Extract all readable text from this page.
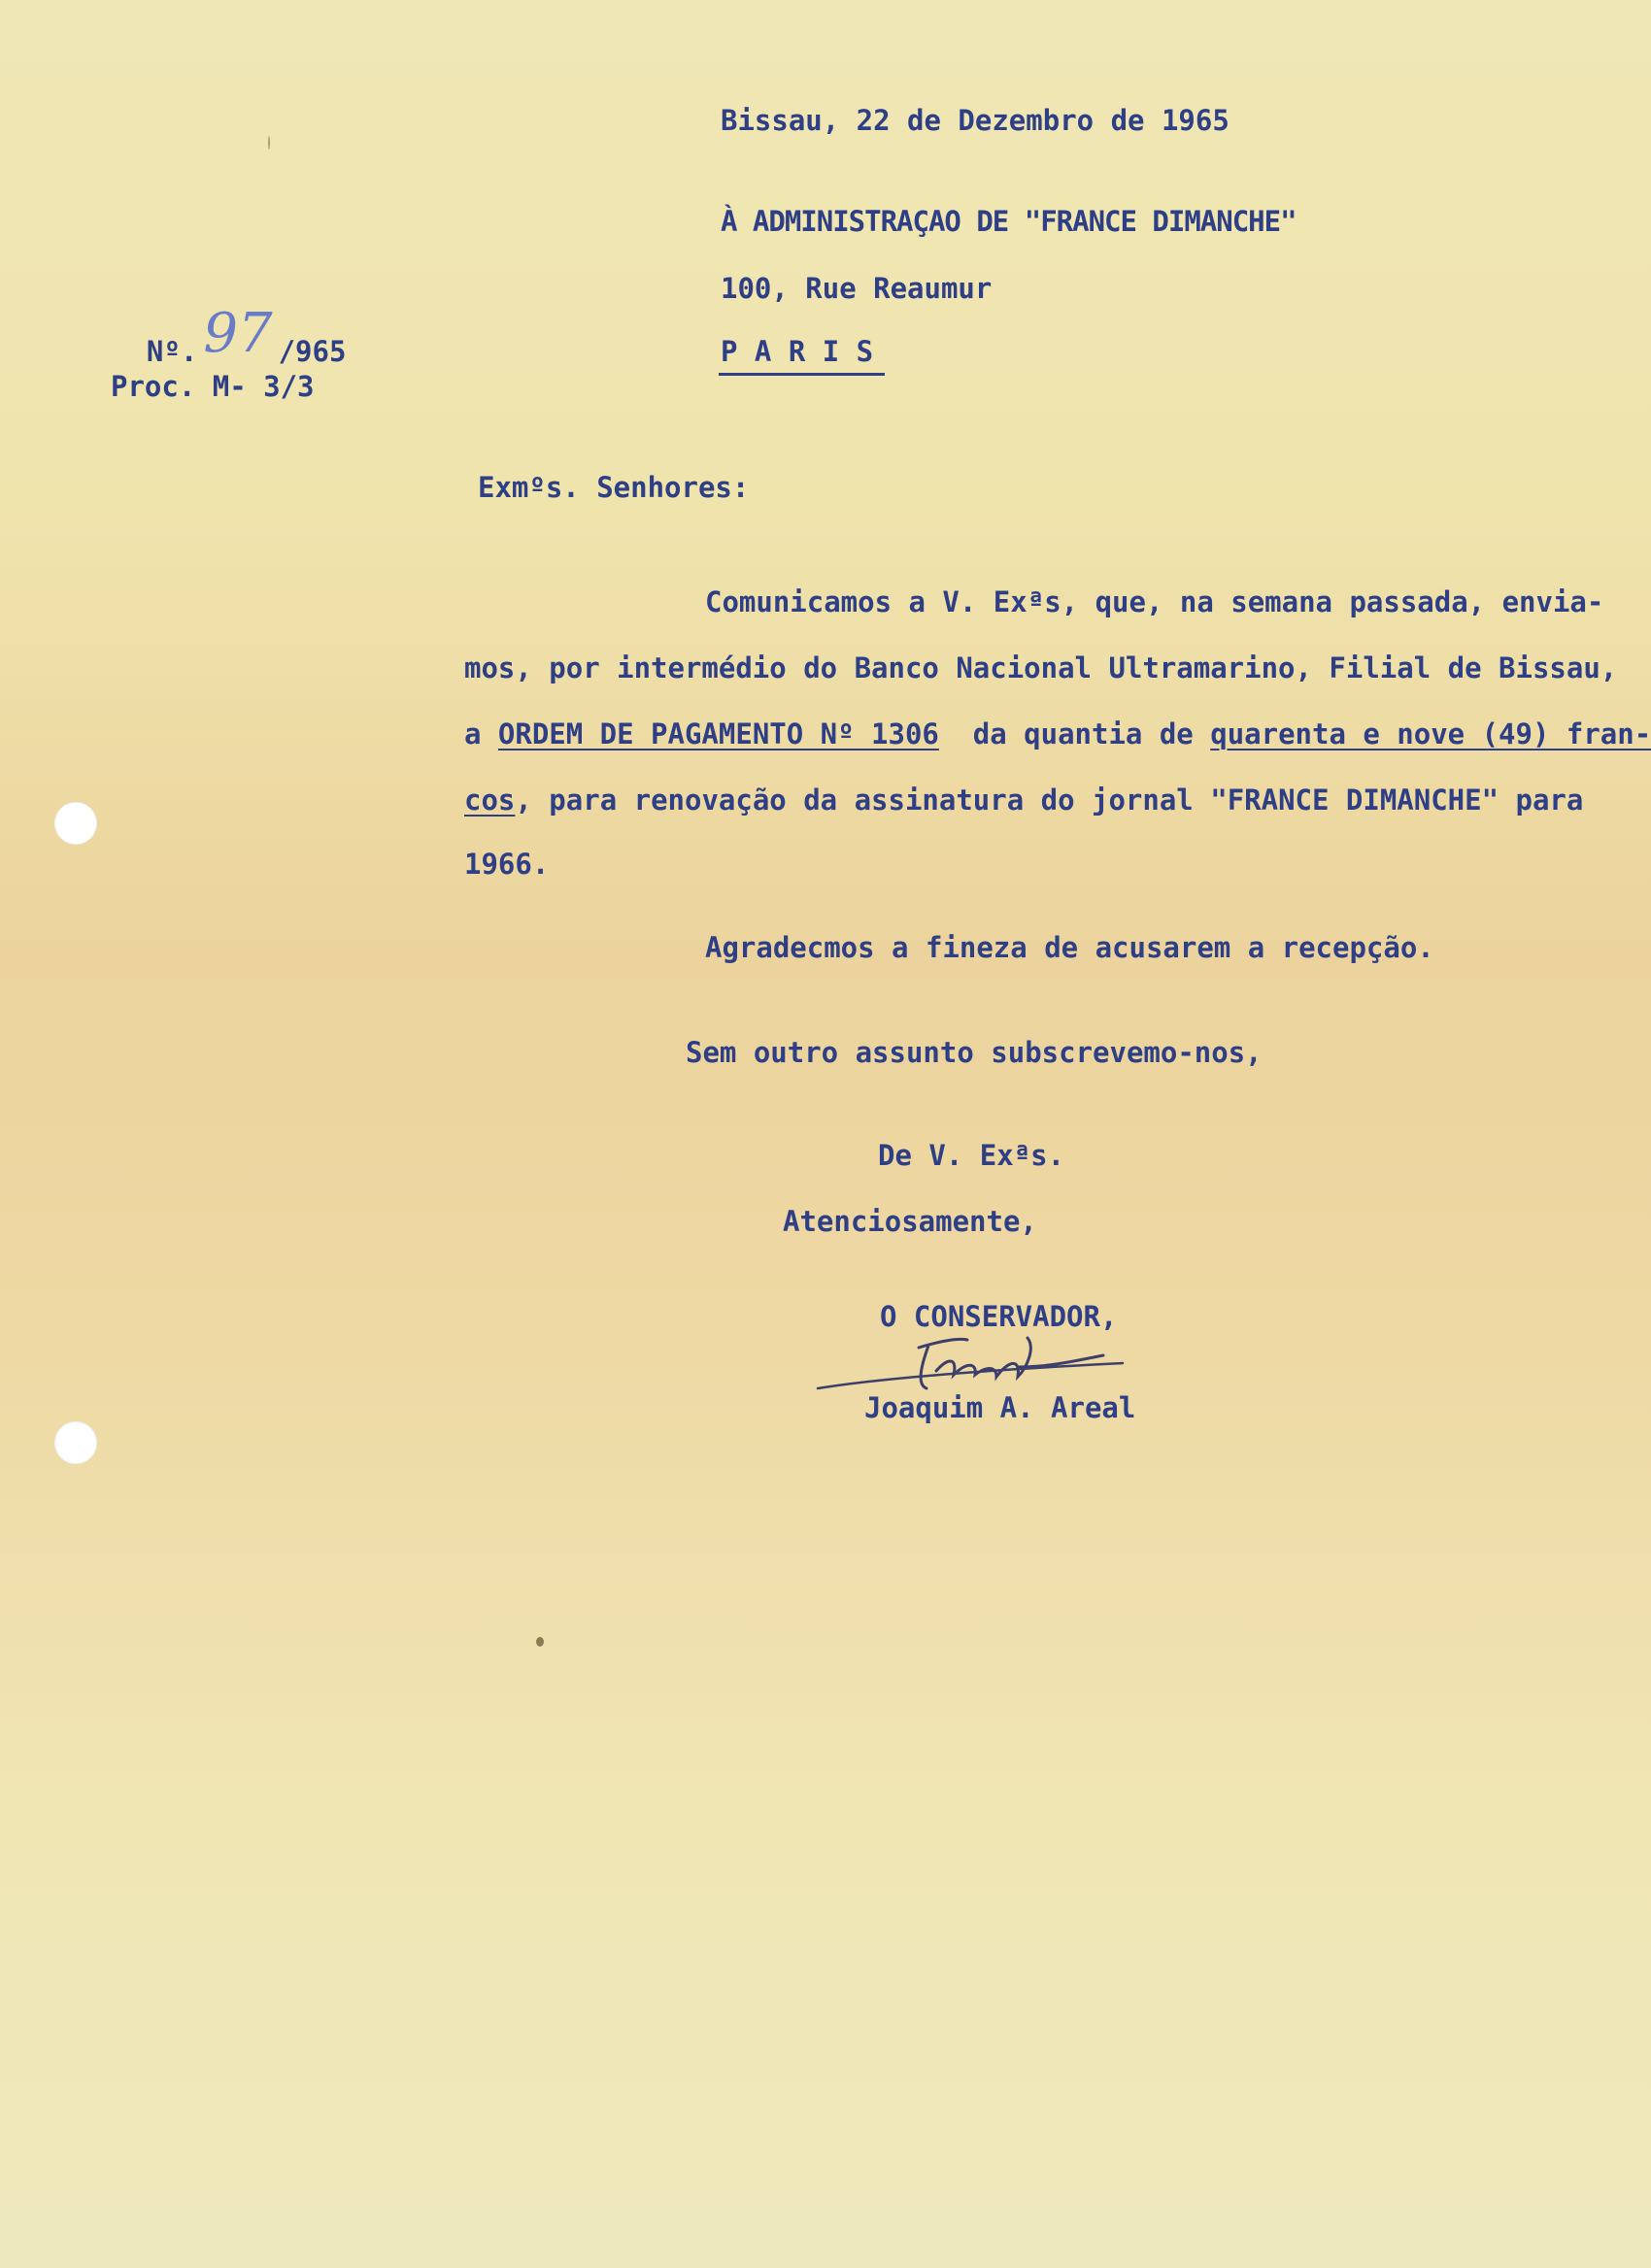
Bissau, 22 de Dezembro de 1965
À ADMINISTRAÇAO DE "FRANCE DIMANCHE"
100, Rue Reaumur
P A R I S

Nº. 97 /965

Proc. M- 3/3
Exmºs. Senhores:
Comunicamos a V. Exªs, que, na semana passada, envia-
mos, por intermédio do Banco Nacional Ultramarino, Filial de Bissau,
a ORDEM DE PAGAMENTO Nº 1306  da quantia de quarenta e nove (49) fran-
cos, para renovação da assinatura do jornal "FRANCE DIMANCHE" para
1966.
Agradecmos a fineza de acusarem a recepção.
Sem outro assunto subscrevemo-nos,
De V. Exªs.
Atenciosamente,
O CONSERVADOR,
Joaquim A. Areal
